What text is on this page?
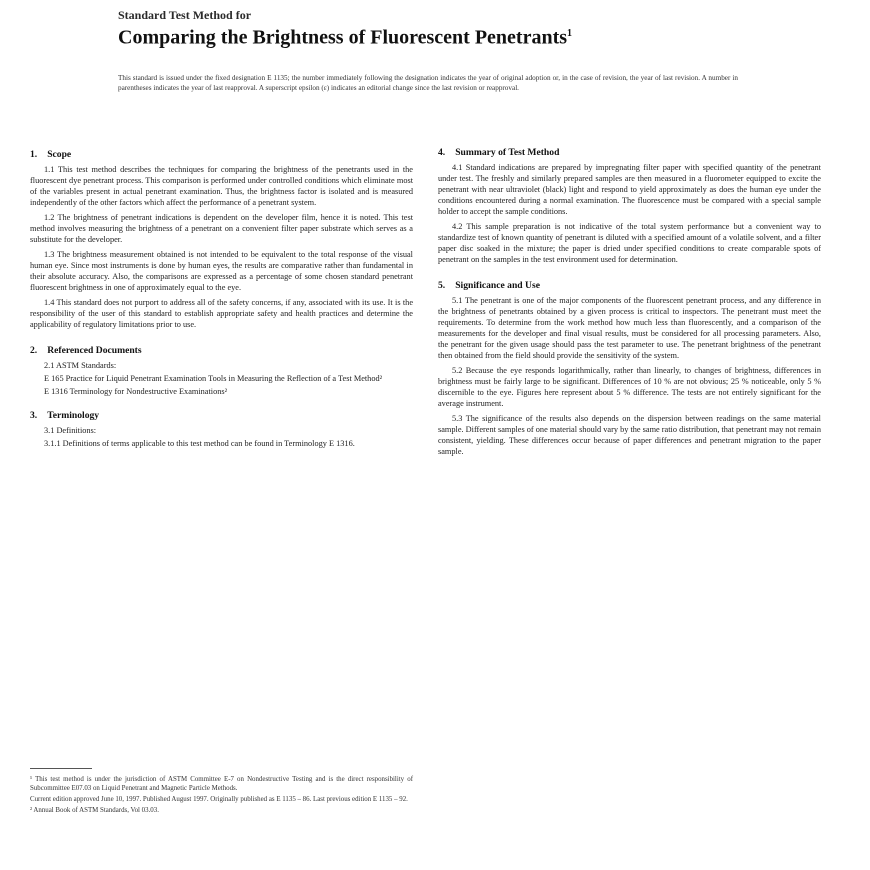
Standard Test Method for
Comparing the Brightness of Fluorescent Penetrants$^1$
This standard is issued under the fixed designation E 1135; the number immediately following the designation indicates the year of original adoption or, in the case of revision, the year of last revision. A number in parentheses indicates the year of last reapproval. A superscript epsilon (ε) indicates an editorial change since the last revision or reapproval.
1. Scope

1.1 This test method describes the techniques for comparing the brightness of the penetrants used in the fluorescent dye penetrant process. This comparison is performed under controlled conditions which eliminate most of the variables present in actual penetrant examination. Thus, the brightness factor is isolated and is measured independently of the other factors which affect the performance of a penetrant system.

1.2 The brightness of penetrant indications is dependent on the developer film, hence it is noted. This test method involves measuring the brightness of a penetrant on a convenient filter paper substrate which serves as a substitute for the developer.

1.3 The brightness measurement obtained is not intended to be equivalent to the total response of the visual human eye. Since most instruments is done by human eyes, the results are comparative rather than fundamental in their absolute accuracy. Also, the comparisons are expressed as a percentage of some chosen standard penetrant fluorescent brightness in one of approximately equal to the eye.

1.4 This standard does not purport to address all of the safety concerns, if any, associated with its use. It is the responsibility of the user of this standard to establish appropriate safety and health practices and determine the applicability of regulatory limitations prior to use.

2. Referenced Documents

2.1 ASTM Standards:

E 165 Practice for Liquid Penetrant Examination Tools in Measuring the Reflection of a Test Method²

E 1316 Terminology for Nondestructive Examinations²

3. Terminology

3.1 Definitions:

3.1.1 Definitions of terms applicable to this test method can be found in Terminology E 1316.

¹ This test method is under the jurisdiction of ASTM Committee E-7 on Nondestructive Testing and is the direct responsibility of Subcommittee E07.03 on Liquid Penetrant and Magnetic Particle Methods.

Current edition approved June 10, 1997. Published August 1997. Originally published as E 1135 – 86. Last previous edition E 1135 – 92.

² Annual Book of ASTM Standards, Vol 03.03.

4. Summary of Test Method

4.1 Standard indications are prepared by impregnating filter paper with specified quantity of the penetrant under test. The freshly and similarly prepared samples are then measured in a fluorometer equipped to excite the penetrant with near ultraviolet (black) light and respond to yield approximately as does the human eye under the conditions encountered during a normal examination. The fluorescence must be compared with a special sample holder to accept the sample conditions.

4.2 This sample preparation is not indicative of the total system performance but a convenient way to standardize test of known quantity of penetrant is diluted with a specified amount of a volatile solvent, and a filter paper disc soaked in the mixture; the paper is dried under specified conditions to create comparable spots of penetrant on the samples in the test environment used for determination.

5. Significance and Use

5.1 The penetrant is one of the major components of the fluorescent penetrant process, and any difference in the brightness of penetrants obtained by a given process is critical to inspectors. The penetrant must meet the requirements. To determine from the work method how much less than fluorescently, and a comparison of the measurements for the developer and final visual results, must be considered for all processing parameters. Also, the penetrant for the given usage should pass the test parameter to use. The penetrant brightness of the penetrant then obtained from the field should provide the sensitivity of the system.

5.2 Because the eye responds logarithmically, rather than linearly, to changes of brightness, differences in brightness must be fairly large to be significant. Differences of 10 % are not obvious; 25 % noticeable, only 5 % discernible to the eye. Figures here represent about 5 % difference. The tests are not entirely significant for the average instrument.

5.3 The significance of the results also depends on the dispersion between readings on the same material sample. Different samples of one material should vary by the same ratio distribution, that penetrant may not remain consistent, yielding. These differences occur because of paper differences and penetrant migration to the paper sample.
